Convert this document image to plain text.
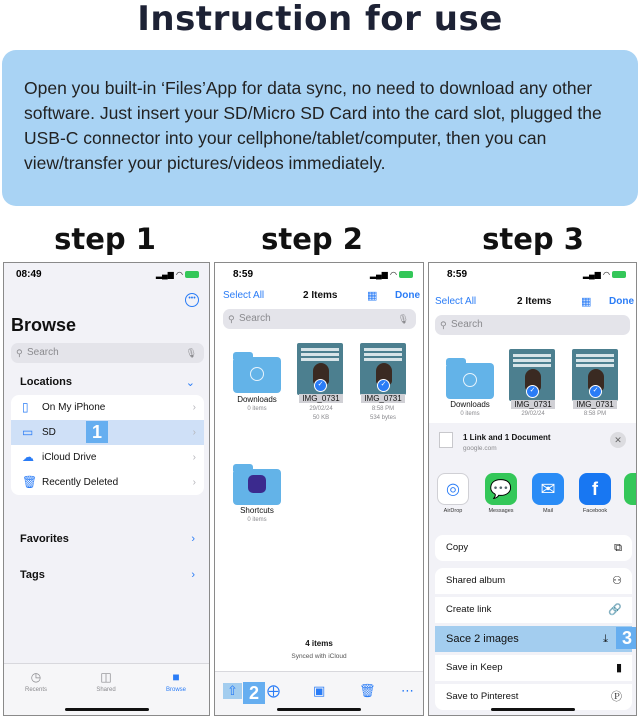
Instruction for use
Open you built-in ‘Files’App for data sync, no need to download any other software. Just insert your SD/Micro SD Card into the card slot, plugged the USB-C connector into your cellphone/tablet/computer, then you can view/transfer your pictures/videos immediately.
step 1	step 2	step 3
08:49	▂▄▆ ◠
•••
Browse
⚲ Search	🎙
Locations	⌄
▯ On My iPhone	›
▭ SD	›
1
☁ iCloud Drive	›
🗑 Recently Deleted	›
Favorites	›
Tags	›
◷
Recents
◫
Shared
■
Browse
8:59	▂▄▆ ◠
Select All	2 Items	▦ Done
⚲ Search	🎙
Downloads
0 items
✓
IMG_0731
29/02/24
50 KB
✓
IMG_0731
8:58 PM
534 bytes
Shortcuts
0 items
4 items
Synced with iCloud
⇧ 2 ⨁	▣	🗑 ⋯
8:59	▂▄▆ ◠
Select All	2 Items	▦ Done
⚲ Search
Downloads
0 items
✓
IMG_0731
29/02/24
✓
IMG_0731
8:58 PM
1 Link and 1 Document
google.com
✕
◎
AirDrop
💬
Messages
✉
Mail
f
Facebook
Copy	⧉
Shared album	⚇
Create link	🔗
Sace 2 images	⤓
Save in Keep	▮
Save to Pinterest	Ⓟ
3
